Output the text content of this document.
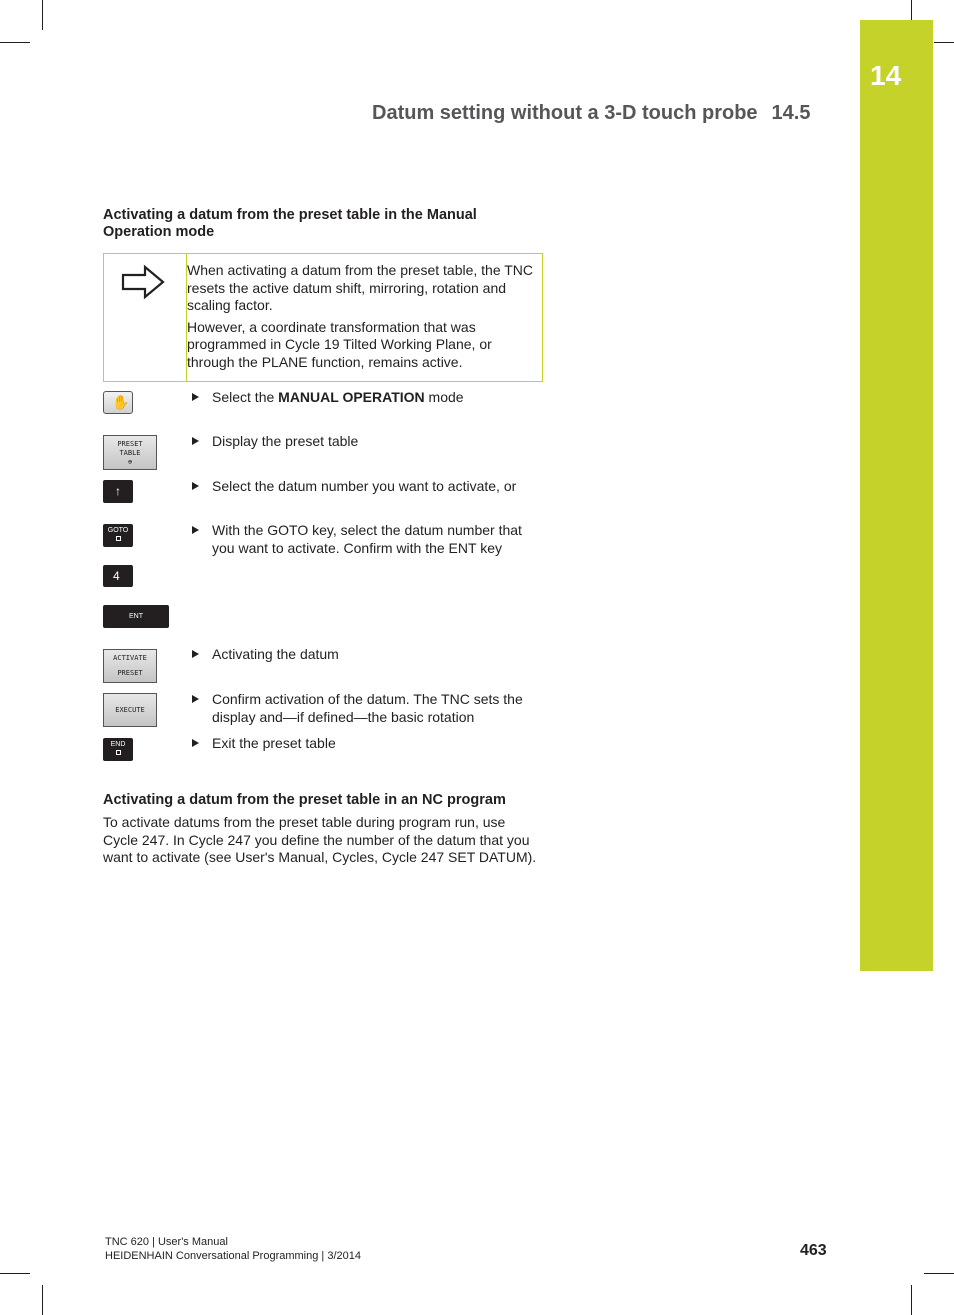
14
Datum setting without a 3-D touch probe 14.5
Activating a datum from the preset table in the Manual Operation mode

When activating a datum from the preset table, the TNC resets the active datum shift, mirroring, rotation and scaling factor.

However, a coordinate transformation that was programmed in Cycle 19 Tilted Working Plane, or through the PLANE function, remains active.

✋
PRESET
TABLE
⊕
↑
GOTO

4
ENT
ACTIVATE
PRESET
EXECUTE
END

Select the MANUAL OPERATION mode
Display the preset table
Select the datum number you want to activate, or
With the GOTO key, select the datum number that you want to activate. Confirm with the ENT key
Activating the datum
Confirm activation of the datum. The TNC sets the display and—if defined—the basic rotation
Exit the preset table
Activating a datum from the preset table in an NC program
To activate datums from the preset table during program run, use Cycle 247. In Cycle 247 you define the number of the datum that you want to activate (see User's Manual, Cycles, Cycle 247 SET DATUM).
TNC 620 | User's Manual
HEIDENHAIN Conversational Programming | 3/2014	463
